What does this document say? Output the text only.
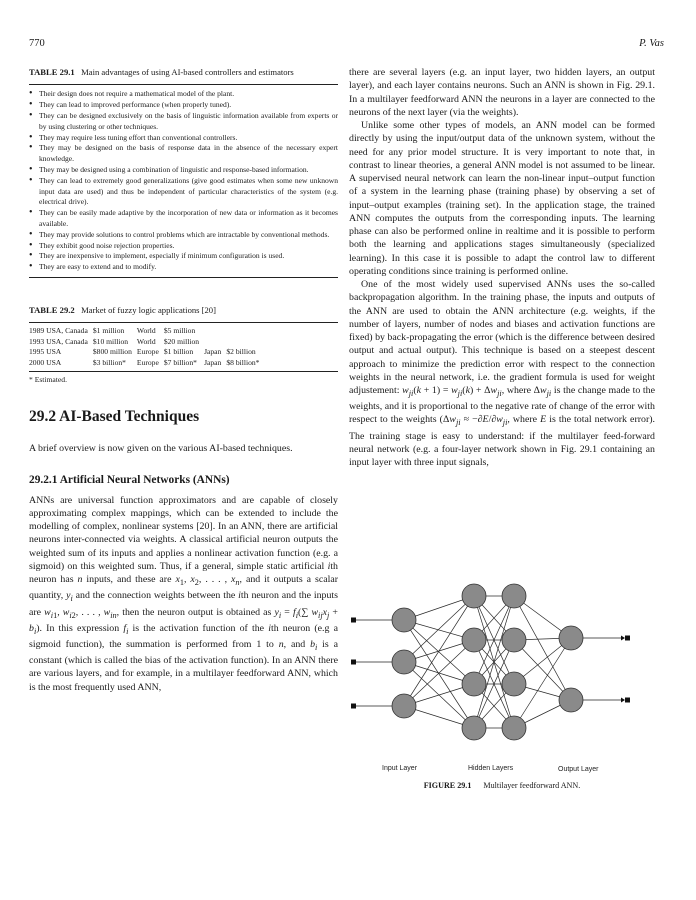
770	P. Vas
TABLE 29.1 Main advantages of using AI-based controllers and estimators
• Their design does not require a mathematical model of the plant.
• They can lead to improved performance (when properly tuned).
• They can be designed exclusively on the basis of linguistic information available from experts or by using clustering or other techniques.
• They may require less tuning effort than conventional controllers.
• They may be designed on the basis of response data in the absence of the necessary expert knowledge.
• They may be designed using a combination of linguistic and response-based information.
• They can lead to extremely good generalizations (give good estimates when some new unknown input data are used) and thus be independent of particular characteristics of the system (e.g. electrical drive).
• They can be easily made adaptive by the incorporation of new data or information as it becomes available.
• They may provide solutions to control problems which are intractable by conventional methods.
• They exhibit good noise rejection properties.
• They are inexpensive to implement, especially if minimum configuration is used.
• They are easy to extend and to modify.
TABLE 29.2 Market of fuzzy logic applications [20]
1989 USA, Canada	$1 million	World	$5 million		
1993 USA, Canada	$10 million	World	$20 million		
1995 USA	$800 million	Europe	$1 billion	Japan	$2 billion
2000 USA	$3 billion*	Europe	$7 billion*	Japan	$8 billion*
* Estimated.
29.2 AI-Based Techniques

A brief overview is now given on the various AI-based techniques.

29.2.1 Artificial Neural Networks (ANNs)

ANNs are universal function approximators and are capable of closely approximating complex mappings, which can be extended to include the modelling of complex, nonlinear systems [20]. In an ANN, there are artificial neurons inter-connected via weights. A classical artificial neuron outputs the weighted sum of its inputs and applies a nonlinear activation function (e.g. a sigmoid) on this weighted sum. Thus, if a general, simple static artificial ith neuron has n inputs, and these are $x_1$, $x_2$, . . . , $x_n$, and it outputs a scalar quantity, $y_i$ and the connection weights between the ith neuron and the inputs are $w_{i1}$, $w_{i2}$, . . . , $w_{in}$, then the neuron output is obtained as $y_i = f_i(\sum$ $w_{ij}x_j + b_i$). In this expression $f_i$ is the activation function of the ith neuron (e.g a sigmoid function), the summation is performed from 1 to n, and $b_i$ is a constant (which is called the bias of the activation function). In an ANN there are various layers, and for example, in a multilayer feedforward ANN, which is the most frequently used ANN,

there are several layers (e.g. an input layer, two hidden layers, an output layer), and each layer contains neurons. Such an ANN is shown in Fig. 29.1. In a multilayer feedforward ANN the neurons in a layer are connected to the neurons of the next layer (via the weights).

Unlike some other types of models, an ANN model can be formed directly by using the input/output data of the unknown system, without the need for any prior model structure. It is very important to note that, in contrast to linear theories, a general ANN model is not assumed to be linear. A supervised neural network can learn the non-linear input–output function of a system in the learning phase (training phase) by observing a set of input–output examples (training set). In the application stage, the trained ANN computes the outputs from the corresponding inputs. The learning phase can also be performed online in realtime and it is possible to perform both the learning and applications stages simultaneously (specialized learning). In this case it is possible to adapt the control law to different operating conditions since training is performed online.

One of the most widely used supervised ANNs uses the so-called backpropagation algorithm. In the training phase, the inputs and outputs of the ANN are used to obtain the ANN architecture (e.g. weights, if the number of layers, number of nodes and biases and activation functions are fixed) by back-propagating the error (which is the difference between desired output and actual output). This technique is based on a steepest descent approach to minimize the prediction error with respect to the connection weights in the neural network, i.e. the gradient formula is used for weight adjustement: $w_{ji}(k + 1) = w_{ji}(k) + \Delta w_{ji}$, where $\Delta w_{ji}$ is the change made to the weights, and it is proportional to the negative rate of change of the error with respect to the weights ($\Delta w_{ji} \approx -\partial E/\partial w_{ji}$, where E is the total network error). The training stage is easy to understand: if the multilayer feed-forward neural network (e.g. a four-layer network shown in Fig. 29.1 containing an input layer with three input signals,

Input Layer	Hidden Layers	Output Layer
FIGURE 29.1 Multilayer feedforward ANN.
